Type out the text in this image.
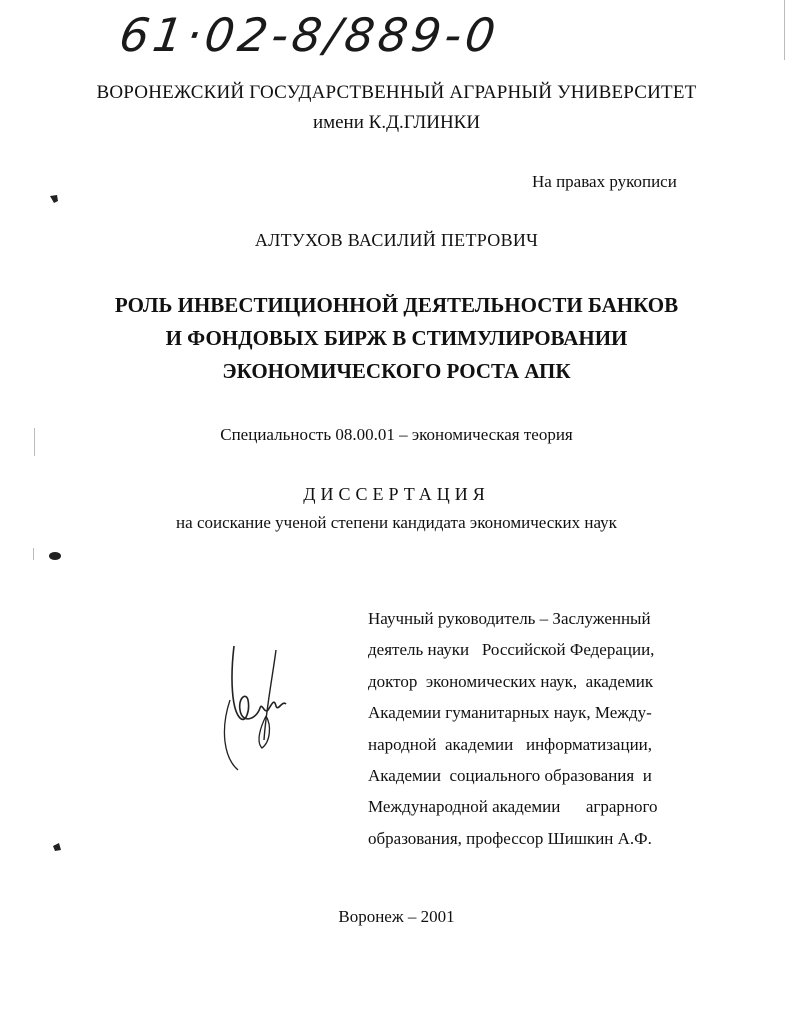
61·02-8/889-0
ВОРОНЕЖСКИЙ ГОСУДАРСТВЕННЫЙ АГРАРНЫЙ УНИВЕРСИТЕТ
имени К.Д.ГЛИНКИ
На правах рукописи
АЛТУХОВ ВАСИЛИЙ ПЕТРОВИЧ
РОЛЬ ИНВЕСТИЦИОННОЙ ДЕЯТЕЛЬНОСТИ БАНКОВ
И ФОНДОВЫХ БИРЖ В СТИМУЛИРОВАНИИ
ЭКОНОМИЧЕСКОГО РОСТА АПК
Специальность 08.00.01 – экономическая теория
ДИССЕРТАЦИЯ
на соискание ученой степени кандидата экономических наук
Научный руководитель – Заслуженный
деятель науки   Российской Федерации,
доктор  экономических наук,  академик
Академии гуманитарных наук, Между-
народной  академии   информатизации,
Академии  социального образования  и
Международной академии      аграрного
образования, профессор Шишкин А.Ф.
Воронеж – 2001
